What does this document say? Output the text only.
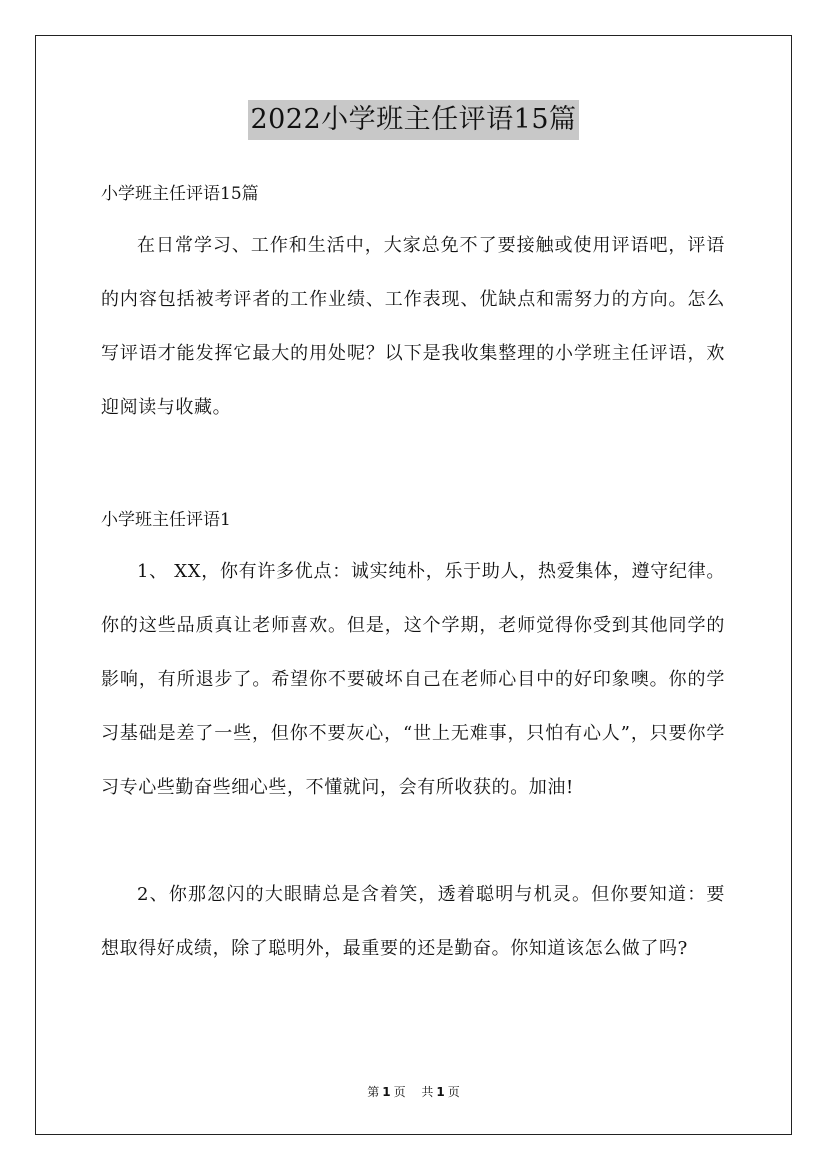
2022小学班主任评语15篇
小学班主任评语15篇
在日常学习、工作和生活中，大家总免不了要接触或使用评语吧，评语的内容包括被考评者的工作业绩、工作表现、优缺点和需努力的方向。怎么写评语才能发挥它最大的用处呢？以下是我收集整理的小学班主任评语，欢迎阅读与收藏。
小学班主任评语1
1、 XX，你有许多优点：诚实纯朴，乐于助人，热爱集体，遵守纪律。你的这些品质真让老师喜欢。但是，这个学期，老师觉得你受到其他同学的影响，有所退步了。希望你不要破坏自己在老师心目中的好印象噢。你的学习基础是差了一些，但你不要灰心，“世上无难事，只怕有心人”，只要你学习专心些勤奋些细心些，不懂就问，会有所收获的。加油!
2、你那忽闪的大眼睛总是含着笑，透着聪明与机灵。但你要知道：要想取得好成绩，除了聪明外，最重要的还是勤奋。你知道该怎么做了吗?
第 1 页 共 1 页
